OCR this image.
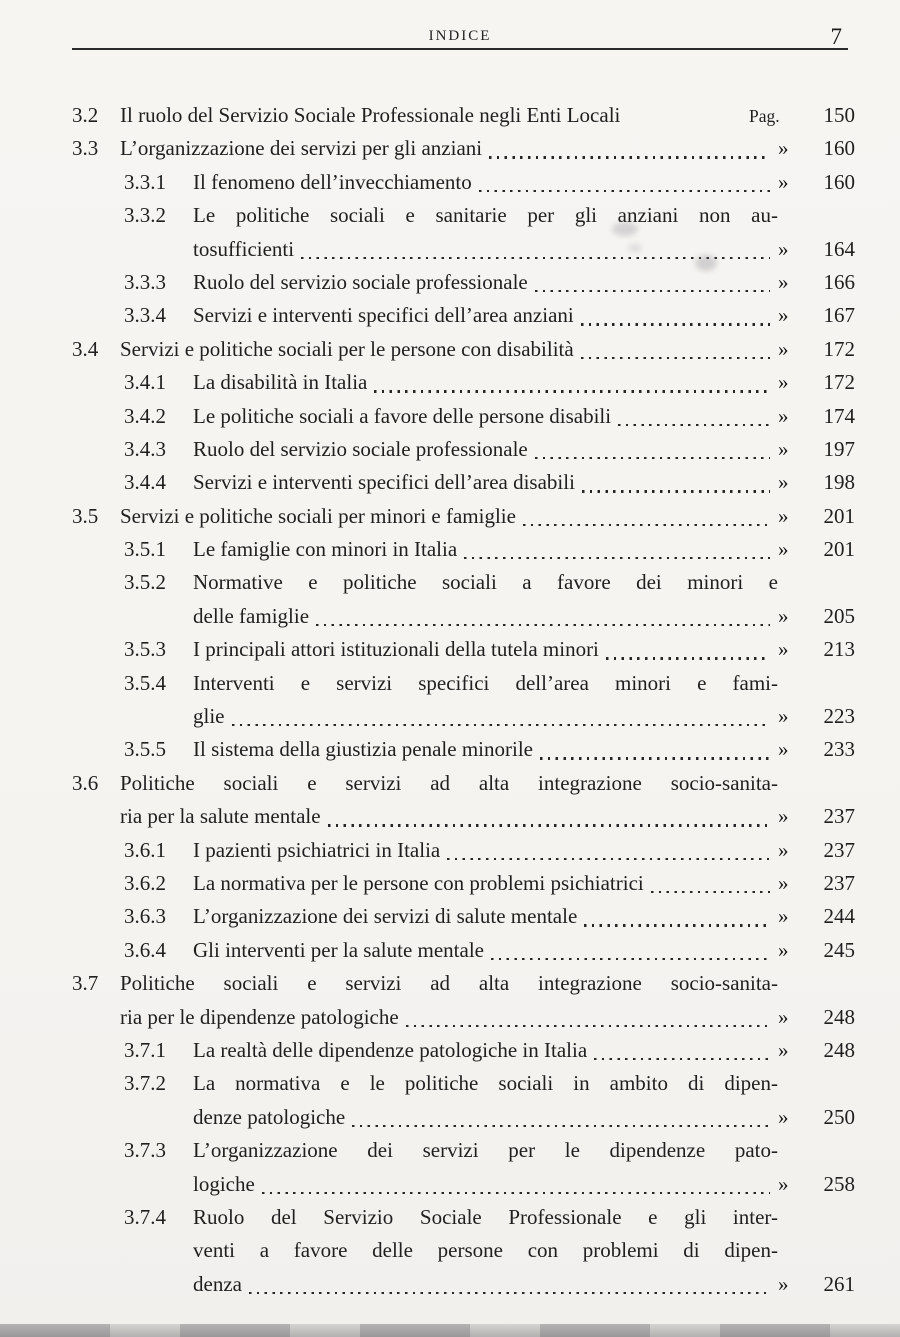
INDICE	7
3.2	Il ruolo del Servizio Sociale Professionale negli Enti Locali	Pag.	150
3.3	L’organizzazione dei servizi per gli anziani	»	160
3.3.1	Il fenomeno dell’invecchiamento	»	160
3.3.2	Le politiche sociali e sanitarie per gli anziani non au-
tosufficienti	»	164
3.3.3	Ruolo del servizio sociale professionale	»	166
3.3.4	Servizi e interventi specifici dell’area anziani	»	167
3.4	Servizi e politiche sociali per le persone con disabilità	»	172
3.4.1	La disabilità in Italia	»	172
3.4.2	Le politiche sociali a favore delle persone disabili	»	174
3.4.3	Ruolo del servizio sociale professionale	»	197
3.4.4	Servizi e interventi specifici dell’area disabili	»	198
3.5	Servizi e politiche sociali per minori e famiglie	»	201
3.5.1	Le famiglie con minori in Italia	»	201
3.5.2	Normative e politiche sociali a favore dei minori e
delle famiglie	»	205
3.5.3	I principali attori istituzionali della tutela minori	»	213
3.5.4	Interventi e servizi specifici dell’area minori e fami-
glie	»	223
3.5.5	Il sistema della giustizia penale minorile	»	233
3.6	Politiche sociali e servizi ad alta integrazione socio-sanita-
ria per la salute mentale	»	237
3.6.1	I pazienti psichiatrici in Italia	»	237
3.6.2	La normativa per le persone con problemi psichiatrici	»	237
3.6.3	L’organizzazione dei servizi di salute mentale	»	244
3.6.4	Gli interventi per la salute mentale	»	245
3.7	Politiche sociali e servizi ad alta integrazione socio-sanita-
ria per le dipendenze patologiche	»	248
3.7.1	La realtà delle dipendenze patologiche in Italia	»	248
3.7.2	La normativa e le politiche sociali in ambito di dipen-
denze patologiche	»	250
3.7.3	L’organizzazione dei servizi per le dipendenze pato-
logiche	»	258
3.7.4	Ruolo del Servizio Sociale Professionale e gli inter-
venti a favore delle persone con problemi di dipen-
denza	»	261
